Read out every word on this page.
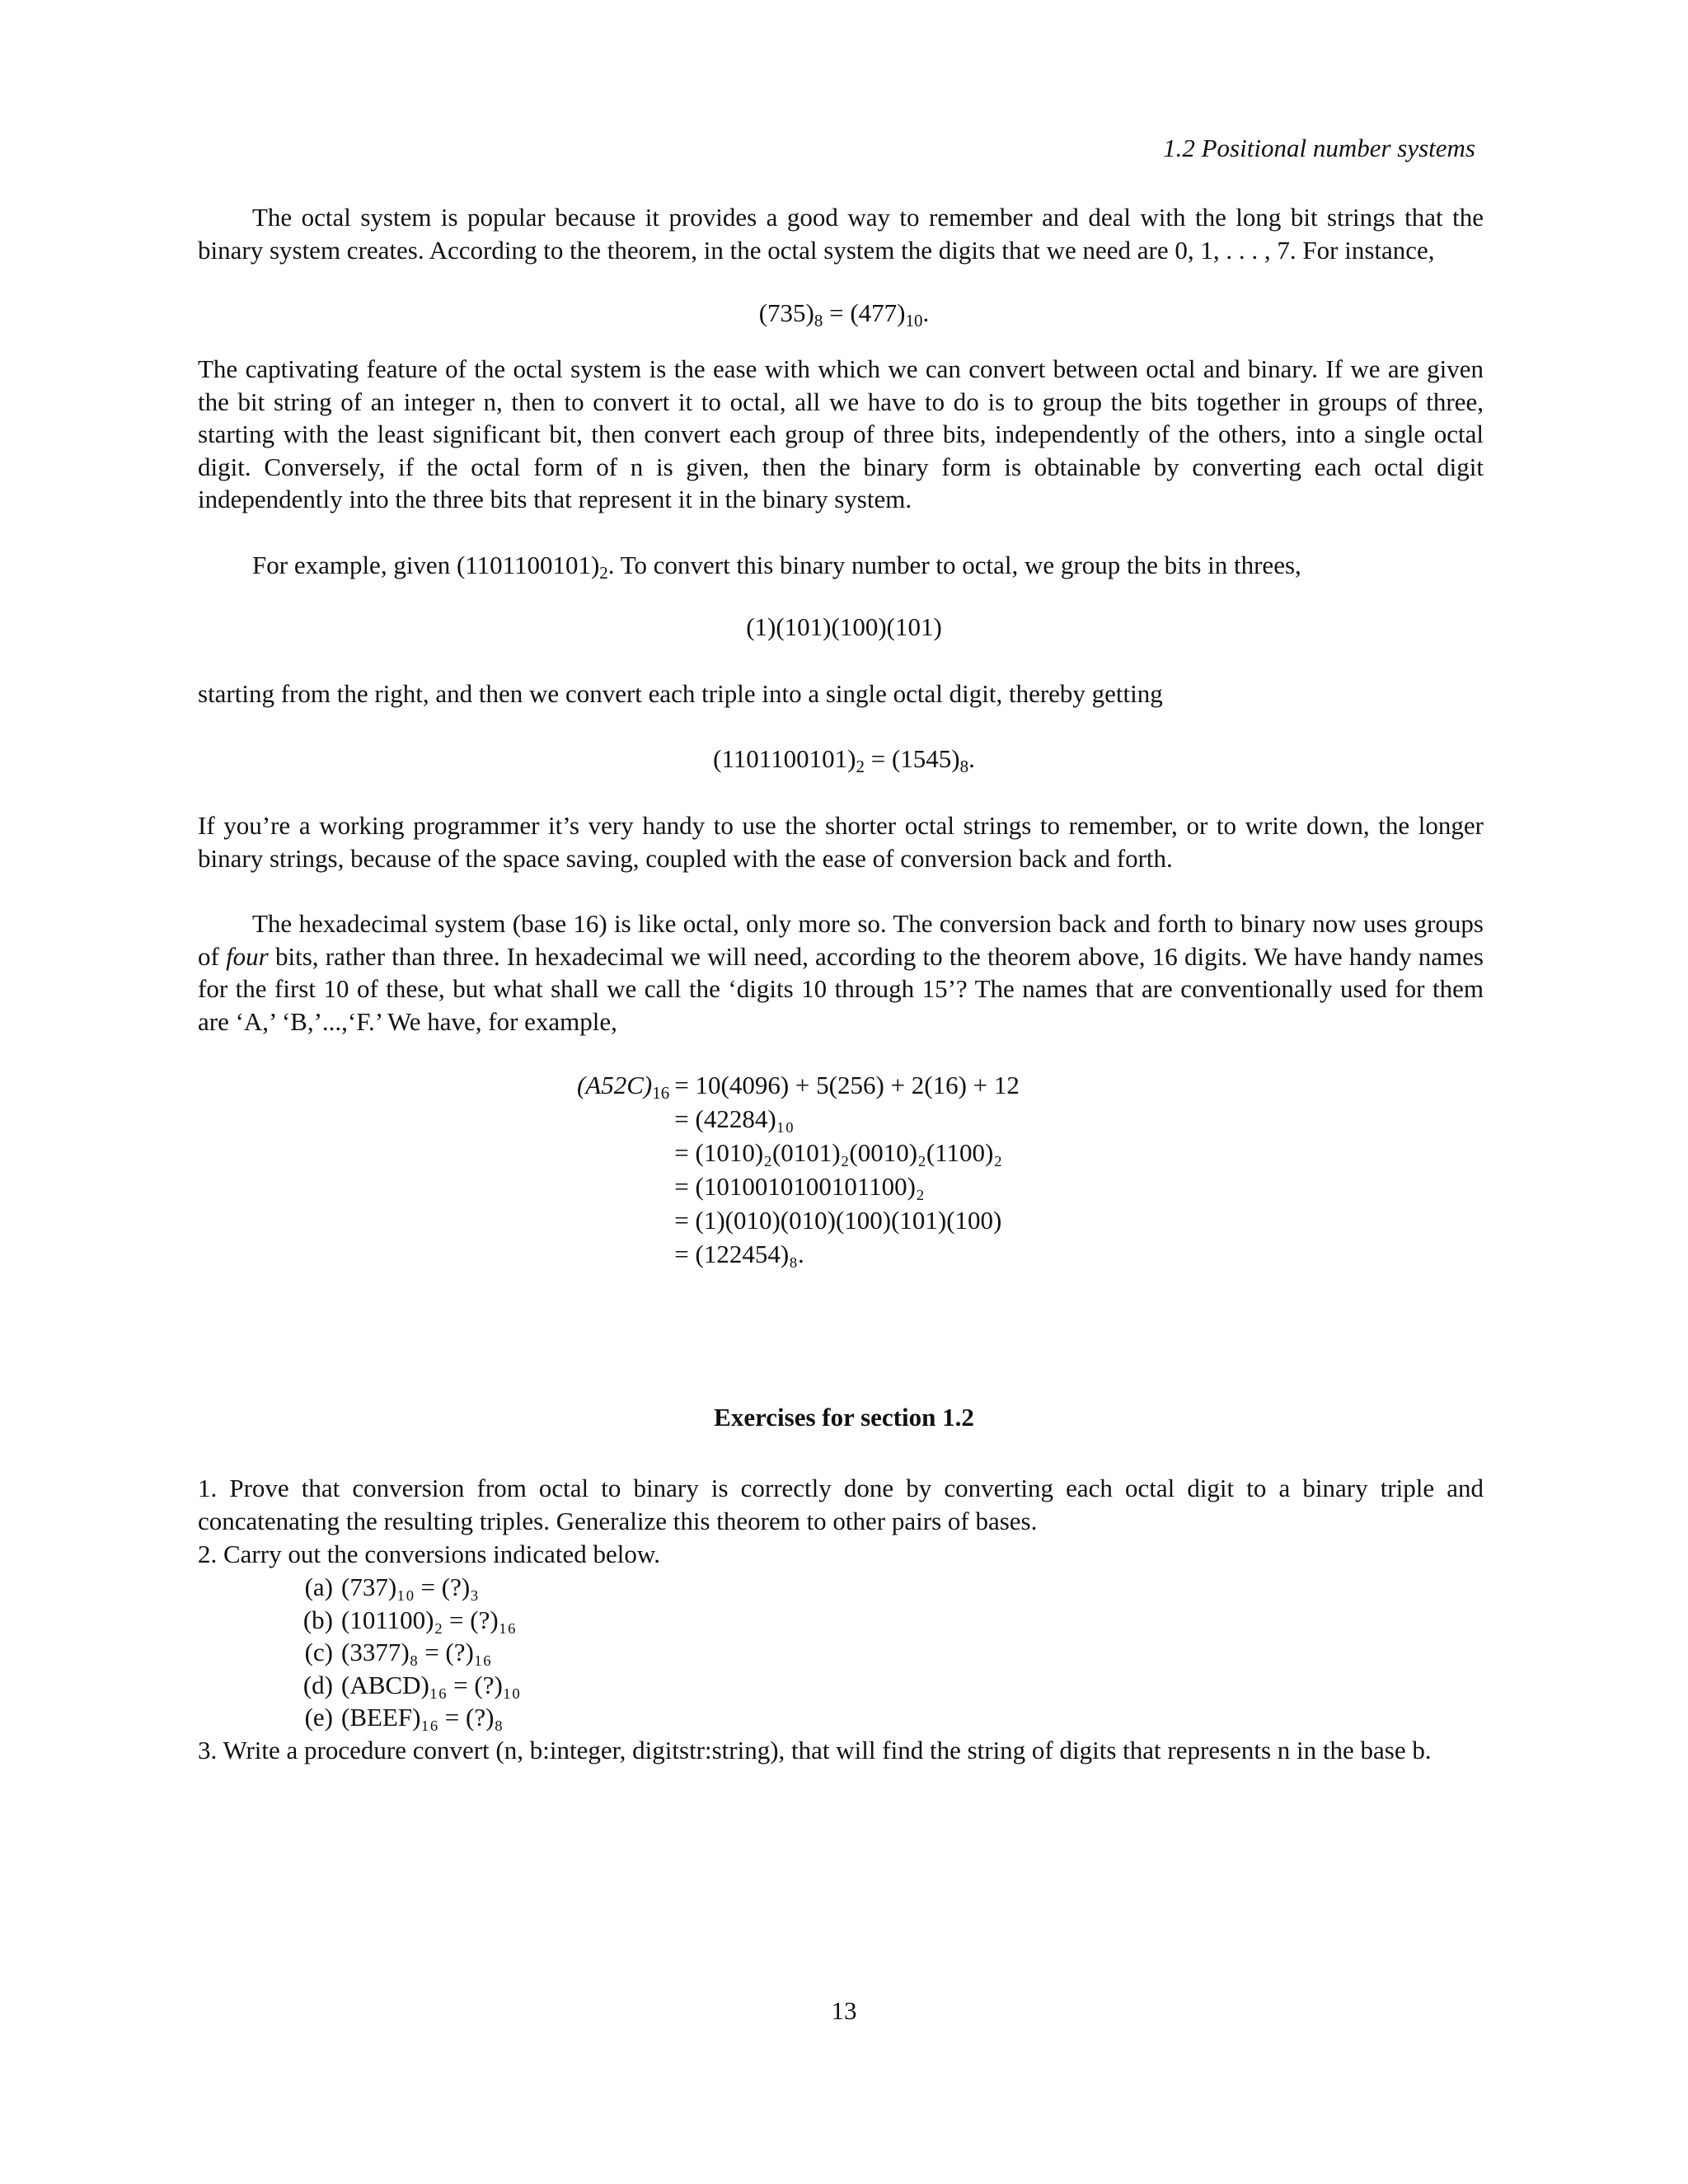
1.2 Positional number systems
The octal system is popular because it provides a good way to remember and deal with the long bit strings that the binary system creates. According to the theorem, in the octal system the digits that we need are 0, 1, . . . , 7. For instance,
$(735)_8 = (477)_{10}$.
The captivating feature of the octal system is the ease with which we can convert between octal and binary. If we are given the bit string of an integer n, then to convert it to octal, all we have to do is to group the bits together in groups of three, starting with the least significant bit, then convert each group of three bits, independently of the others, into a single octal digit. Conversely, if the octal form of n is given, then the binary form is obtainable by converting each octal digit independently into the three bits that represent it in the binary system.
For example, given $(1101100101)_2$. To convert this binary number to octal, we group the bits in threes,
(1)(101)(100)(101)
starting from the right, and then we convert each triple into a single octal digit, thereby getting
$(1101100101)_2 = (1545)_8$.
If you’re a working programmer it’s very handy to use the shorter octal strings to remember, or to write down, the longer binary strings, because of the space saving, coupled with the ease of conversion back and forth.
The hexadecimal system (base 16) is like octal, only more so. The conversion back and forth to binary now uses groups of four bits, rather than three. In hexadecimal we will need, according to the theorem above, 16 digits. We have handy names for the first 10 of these, but what shall we call the ‘digits 10 through 15’? The names that are conventionally used for them are ‘A,’ ‘B,’...,‘F.’ We have, for example,
$(A52C)_{16}$	= 10(4096) + 5(256) + 2(16) + 12
	= (42284)₁₀
	= (1010)₂(0101)₂(0010)₂(1100)₂
	= (1010010100101100)₂
	= (1)(010)(010)(100)(101)(100)
	= (122454)₈.
Exercises for section 1.2
1. Prove that conversion from octal to binary is correctly done by converting each octal digit to a binary triple and concatenating the resulting triples. Generalize this theorem to other pairs of bases.
2. Carry out the conversions indicated below.
(a) (737)₁₀ = (?)₃
(b) (101100)₂ = (?)₁₆
(c) (3377)₈ = (?)₁₆
(d) (ABCD)₁₆ = (?)₁₀
(e) (BEEF)₁₆ = (?)₈
3. Write a procedure convert (n, b:integer, digitstr:string), that will find the string of digits that represents n in the base b.
13
